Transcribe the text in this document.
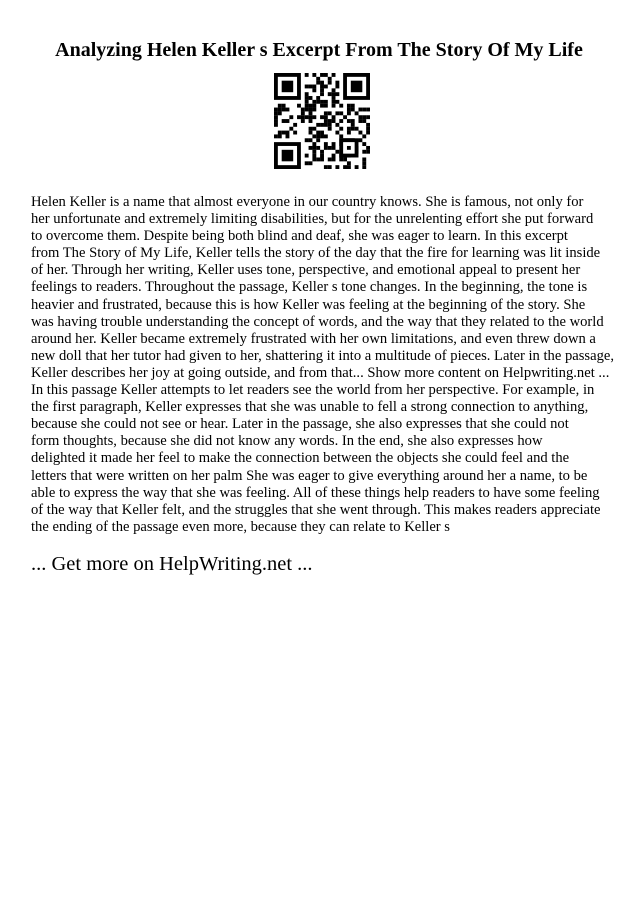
Analyzing Helen Keller s Excerpt From The Story Of My Life
Helen Keller is a name that almost everyone in our country knows. She is famous, not only for
her unfortunate and extremely limiting disabilities, but for the unrelenting effort she put forward
to overcome them. Despite being both blind and deaf, she was eager to learn. In this excerpt
from The Story of My Life, Keller tells the story of the day that the fire for learning was lit inside
of her. Through her writing, Keller uses tone, perspective, and emotional appeal to present her
feelings to readers. Throughout the passage, Keller s tone changes. In the beginning, the tone is
heavier and frustrated, because this is how Keller was feeling at the beginning of the story. She
was having trouble understanding the concept of words, and the way that they related to the world
around her. Keller became extremely frustrated with her own limitations, and even threw down a
new doll that her tutor had given to her, shattering it into a multitude of pieces. Later in the passage,
Keller describes her joy at going outside, and from that... Show more content on Helpwriting.net ...
In this passage Keller attempts to let readers see the world from her perspective. For example, in
the first paragraph, Keller expresses that she was unable to fell a strong connection to anything,
because she could not see or hear. Later in the passage, she also expresses that she could not
form thoughts, because she did not know any words. In the end, she also expresses how
delighted it made her feel to make the connection between the objects she could feel and the
letters that were written on her palm She was eager to give everything around her a name, to be
able to express the way that she was feeling. All of these things help readers to have some feeling
of the way that Keller felt, and the struggles that she went through. This makes readers appreciate
the ending of the passage even more, because they can relate to Keller s
... Get more on HelpWriting.net ...
